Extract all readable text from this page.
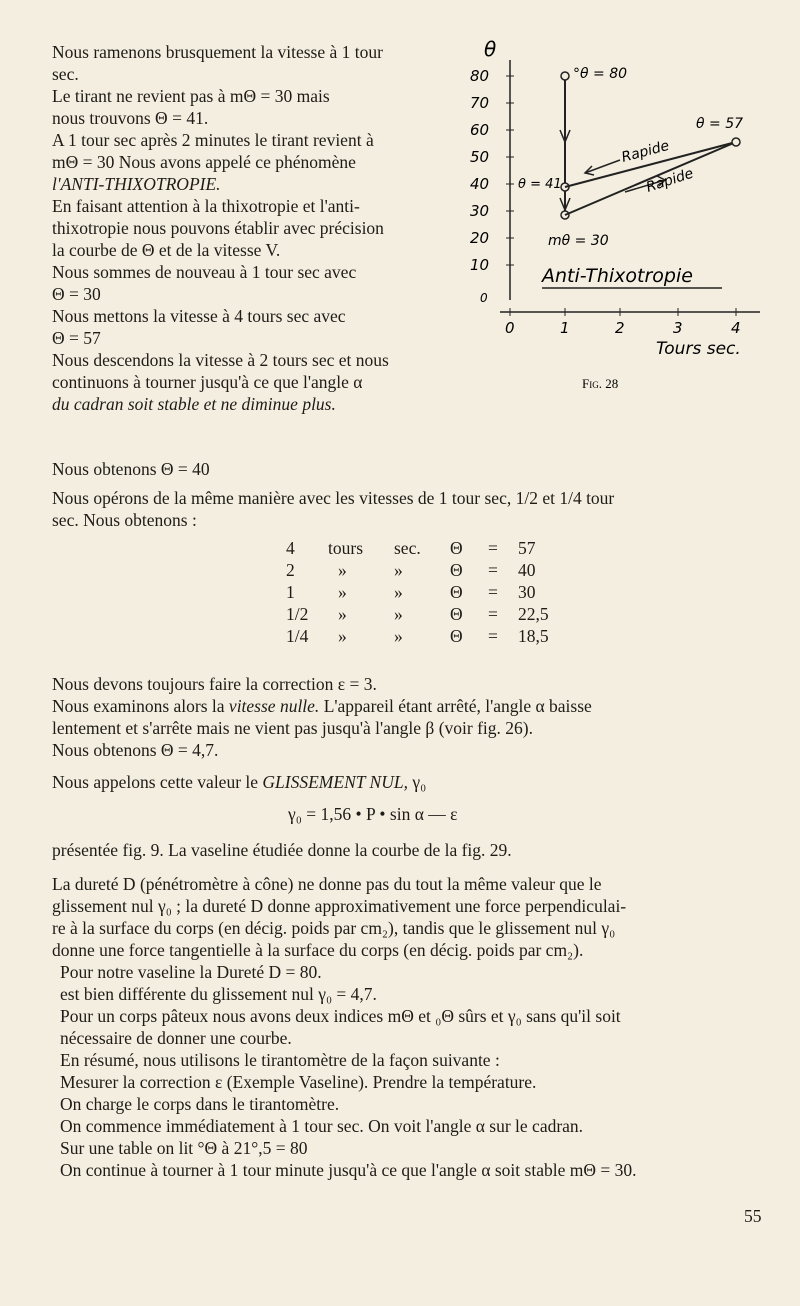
Nous ramenons brusquement la vitesse à 1 tour
sec.
Le tirant ne revient pas à mΘ = 30 mais
nous trouvons Θ = 41.
A 1 tour sec après 2 minutes le tirant revient à
mΘ = 30 Nous avons appelé ce phénomène
l'ANTI-THIXOTROPIE.
En faisant attention à la thixotropie et l'anti-
thixotropie nous pouvons établir avec précision
la courbe de Θ et de la vitesse V.
Nous sommes de nouveau à 1 tour sec avec
Θ = 30
Nous mettons la vitesse à 4 tours sec avec
Θ = 57
Nous descendons la vitesse à 2 tours sec et nous
continuons à tourner jusqu'à ce que l'angle α
du cadran soit stable et ne diminue plus.
θ
80
70
60
50
40
30
20
10
0
0	1	2	3	4
Tours sec.
°θ = 80
θ = 57
θ = 41
mθ = 30
Rapide
Rapide
Anti-Thixotropie
Fig. 28
Nous obtenons Θ = 40
Nous opérons de la même manière avec les vitesses de 1 tour sec, 1/2 et 1/4 tour
sec. Nous obtenons :
4	tours	sec.	Θ	=	57
2	»	»	Θ	=	40
1	»	»	Θ	=	30
1/2	»	»	Θ	=	22,5
1/4	»	»	Θ	=	18,5
Nous devons toujours faire la correction ε = 3.
Nous examinons alors la vitesse nulle. L'appareil étant arrêté, l'angle α baisse
lentement et s'arrête mais ne vient pas jusqu'à l'angle β (voir fig. 26).
Nous obtenons Θ = 4,7.
Nous appelons cette valeur le GLISSEMENT NUL, γ₀
γ₀ = 1,56 • P • sin α — ε
présentée fig. 9. La vaseline étudiée donne la courbe de la fig. 29.
La dureté D (pénétromètre à cône) ne donne pas du tout la même valeur que le
glissement nul γ₀ ; la dureté D donne approximativement une force perpendiculai-
re à la surface du corps (en décig. poids par cm₂), tandis que le glissement nul γ₀
donne une force tangentielle à la surface du corps (en décig. poids par cm₂).
Pour notre vaseline la Dureté D = 80.
est bien différente du glissement nul γ₀ = 4,7.
Pour un corps pâteux nous avons deux indices mΘ et ₀Θ sûrs et γ₀ sans qu'il soit
nécessaire de donner une courbe.
En résumé, nous utilisons le tirantomètre de la façon suivante :
Mesurer la correction ε (Exemple Vaseline). Prendre la température.
On charge le corps dans le tirantomètre.
On commence immédiatement à 1 tour sec. On voit l'angle α sur le cadran.
Sur une table on lit °Θ à 21°,5 = 80
On continue à tourner à 1 tour minute jusqu'à ce que l'angle α soit stable mΘ = 30.
55
